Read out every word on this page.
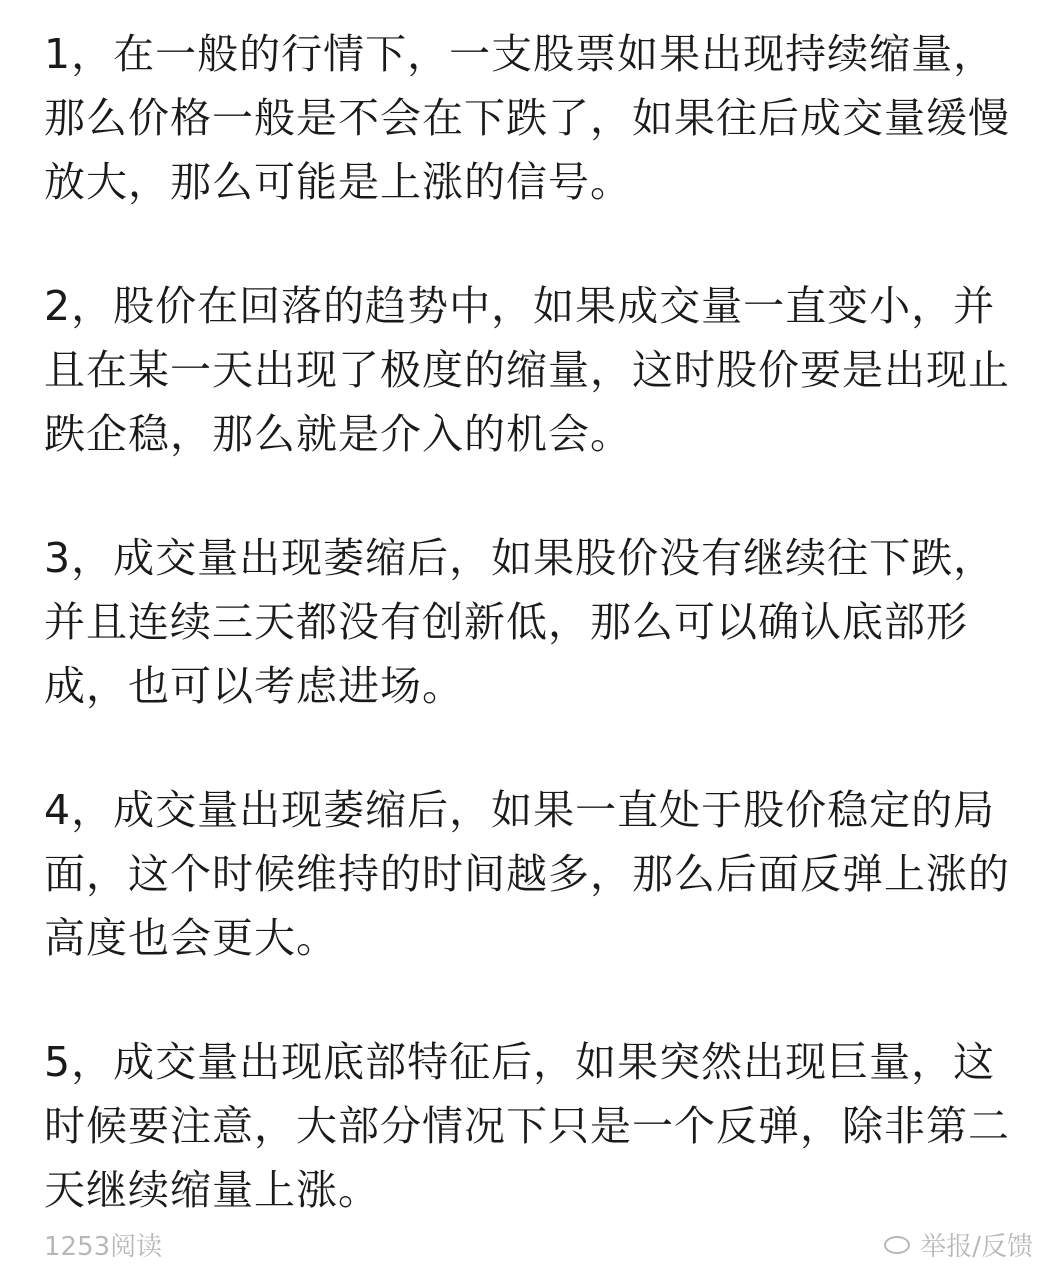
1，在一般的行情下，一支股票如果出现持续缩量，那么价格一般是不会在下跌了，如果往后成交量缓慢放大，那么可能是上涨的信号。

2，股价在回落的趋势中，如果成交量一直变小，并且在某一天出现了极度的缩量，这时股价要是出现止跌企稳，那么就是介入的机会。

3，成交量出现萎缩后，如果股价没有继续往下跌，并且连续三天都没有创新低，那么可以确认底部形成，也可以考虑进场。

4，成交量出现萎缩后，如果一直处于股价稳定的局面，这个时候维持的时间越多，那么后面反弹上涨的高度也会更大。

5，成交量出现底部特征后，如果突然出现巨量，这时候要注意，大部分情况下只是一个反弹，除非第二天继续缩量上涨。

1253阅读	举报/反馈
